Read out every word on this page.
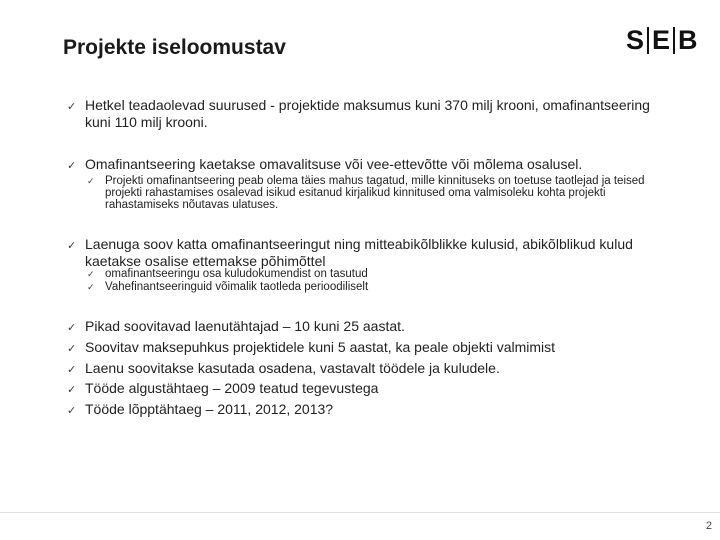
Projekte iseloomustav	S E B
✓ Hetkel teadaolevad suurused - projektide maksumus kuni 370 milj krooni, omafinantseering kuni 110 milj krooni.
✓ Omafinantseering kaetakse omavalitsuse või vee-ettevõtte või mõlema osalusel.
✓ Projekti omafinantseering peab olema täies mahus tagatud, mille kinnituseks on toetuse taotlejad ja teised projekti rahastamises osalevad isikud esitanud kirjalikud kinnitused oma valmisoleku kohta projekti rahastamiseks nõutavas ulatuses.
✓ Laenuga soov katta omafinantseeringut ning mitteabikõlblikke kulusid, abikõlblikud kulud kaetakse osalise ettemakse põhimõttel
✓ omafinantseeringu osa kuludokumendist on tasutud
✓ Vahefinantseeringuid võimalik taotleda perioodiliselt
✓ Pikad soovitavad laenutähtajad – 10 kuni 25 aastat.
✓ Soovitav maksepuhkus projektidele kuni 5 aastat, ka peale objekti valmimist
✓ Laenu soovitakse kasutada osadena, vastavalt töödele ja kuludele.
✓ Tööde algustähtaeg – 2009 teatud tegevustega
✓ Tööde lõpptähtaeg – 2011, 2012, 2013?
2
